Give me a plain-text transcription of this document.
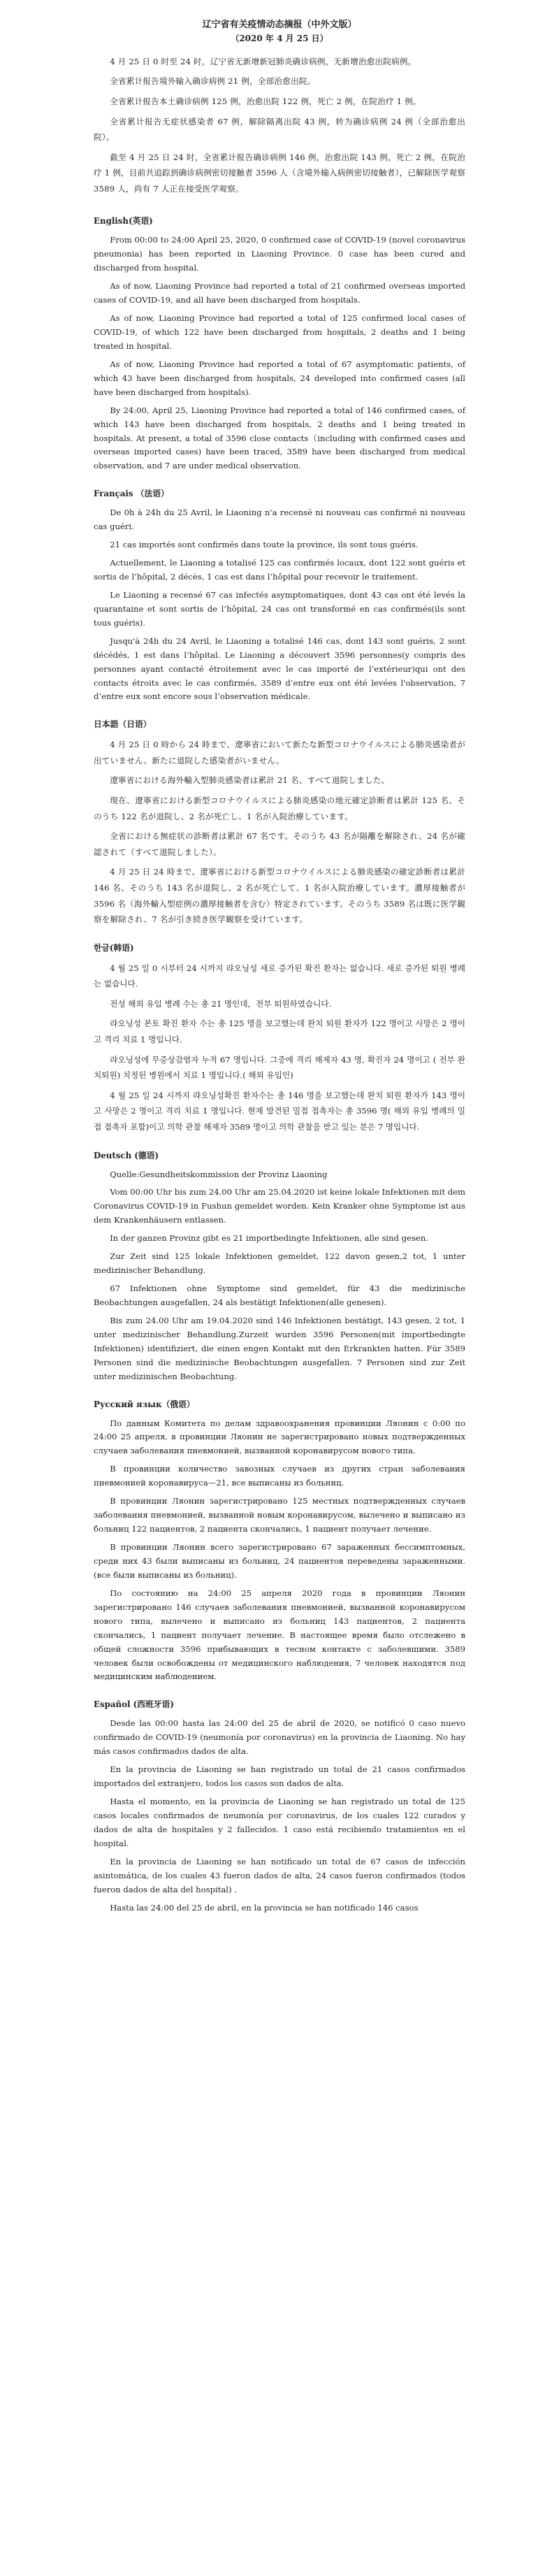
辽宁省有关疫情动态摘报（中外文版）

（2020 年 4 月 25 日）

4 月 25 日 0 时至 24 时，辽宁省无新增新冠肺炎确诊病例，无新增治愈出院病例。

全省累计报告境外输入确诊病例 21 例，全部治愈出院。

全省累计报告本土确诊病例 125 例，治愈出院 122 例，死亡 2 例，在院治疗 1 例。

全省累计报告无症状感染者 67 例，解除隔离出院 43 例，转为确诊病例 24 例（全部治愈出院）。

截至 4 月 25 日 24 时，全省累计报告确诊病例 146 例，治愈出院 143 例，死亡 2 例，在院治疗 1 例，目前共追踪到确诊病例密切接触者 3596 人（含境外输入病例密切接触者），已解除医学观察 3589 人，尚有 7 人正在接受医学观察。

English(英语)

From 00:00 to 24:00 April 25, 2020, 0 confirmed case of COVID-19 (novel coronavirus pneumonia) has been reported in Liaoning Province. 0 case has been cured and discharged from hospital.

As of now, Liaoning Province had reported a total of 21 confirmed overseas imported cases of COVID-19, and all have been discharged from hospitals.

As of now, Liaoning Province had reported a total of 125 confirmed local cases of COVID-19, of which 122 have been discharged from hospitals, 2 deaths and 1 being treated in hospital.

As of now, Liaoning Province had reported a total of 67 asymptomatic patients, of which 43 have been discharged from hospitals, 24 developed into confirmed cases (all have been discharged from hospitals).

By 24:00, April 25, Liaoning Province had reported a total of 146 confirmed cases, of which 143 have been discharged from hospitals, 2 deaths and 1 being treated in hospitals. At present, a total of 3596 close contacts（including with confirmed cases and overseas imported cases) have been traced, 3589 have been discharged from medical observation, and 7 are under medical observation.

Français （法语）

De 0h à 24h du 25 Avril, le Liaoning n'a recensé ni nouveau cas confirmé ni nouveau cas guéri.

21 cas importés sont confirmés dans toute la province, ils sont tous guéris.

Actuellement, le Liaoning a totalisé 125 cas confirmés locaux, dont 122 sont guéris et sortis de l’hôpital, 2 décès, 1 cas est dans l’hôpital pour recevoir le traitement.

Le Liaoning a recensé 67 cas infectés asymptomatiques, dont 43 cas ont été levés la quarantaine et sont sortis de l’hôpital, 24 cas ont transformé en cas confirmés(ils sont tous guéris).

Jusqu'à 24h du 24 Avril, le Liaoning a totalisé 146 cas, dont 143 sont guéris, 2 sont décédés, 1 est dans l’hôpital. Le Liaoning a découvert 3596 personnes(y compris des personnes ayant contacté étroitement avec le cas importé de l’extérieur)qui ont des contacts étroits avec le cas confirmés, 3589 d’entre eux ont été levées l'observation, 7 d’entre eux sont encore sous l’observation médicale.

日本語（日语）

4 月 25 日 0 時から 24 時まで、遼寧省において新たな新型コロナウイルスによる肺炎感染者が出ていません。新たに退院した感染者がいません。

遼寧省における海外輸入型肺炎感染者は累計 21 名、すべて退院しました。

現在、遼寧省における新型コロナウイルスによる肺炎感染の地元確定診断者は累計 125 名、そのうち 122 名が退院し、2 名が死亡し、1 名が入院治療しています。

全省における無症状の診断者は累計 67 名です。そのうち 43 名が隔離を解除され、24 名が確認されて（すべて退院しました）。

4 月 25 日 24 時まで、遼寧省における新型コロナウイルスによる肺炎感染の確定診断者は累計 146 名、そのうち 143 名が退院し、2 名が死亡して、1 名が入院治療しています。濃厚接触者が 3596 名（海外輸入型症例の濃厚接触者を含む）特定されています。そのうち 3589 名は既に医学観察を解除され、7 名が引き続き医学観察を受けています。

한글(韩语)

4 월 25 일 0 시부터 24 시까지 랴오닝성 새로 증가된 확진 환자는 없습니다. 새로 증가된 퇴원 병례는 없습니다.

전성 해외 유입 병례 수는 총 21 명인데，전부 퇴원하였습니다.

랴오닝성 본토 확진 환자 수는 총 125 명을 보고했는데 완치 퇴원 환자가 122 명이고 사망은 2 명이고 격리 치료 1 명입니다.

랴오닝성에 무증상감염자 누적 67 명입니다. 그중에 격리 해제자 43 명, 확진자 24 명이고 ( 전부 완치퇴원) 치정된 병원에서 치료 1 명입니다.( 해외 유입인)

4 월 25 일 24 시까지 랴오닝성확진 환자수는 총 146 명을 보고했는데 완치 퇴원 환자가 143 명이고 사망은 2 명이고 격리 치료 1 명입니다. 현재 발견된 밀접 접촉자는 총 3596 명( 해외 유입 병례의 밀접 접촉자 포함)이고 의학 관찰 해제자 3589 명이고 의학 관찰을 받고 있는 분은 7 명입니다.

Deutsch (德语)

Quelle:Gesundheitskommission der Provinz Liaoning

Vom 00:00 Uhr bis zum 24.00 Uhr am 25.04.2020 ist keine lokale Infektionen mit dem Coronavirus COVID-19 in Fushun gemeldet worden. Kein Kranker ohne Symptome ist aus dem Krankenhäusern entlassen.

In der ganzen Provinz gibt es 21 importbedingte Infektionen, alle sind gesen.

Zur Zeit sind 125 lokale Infektionen gemeldet, 122 davon gesen,2 tot, 1 unter medizinischer Behandlung.

67 Infektionen ohne Symptome sind gemeldet, für 43 die medizinische Beobachtungen ausgefallen, 24 als bestätigt Infektionen(alle genesen).

Bis zum 24.00 Uhr am 19.04.2020 sind 146 Infektionen bestätigt, 143 gesen, 2 tot, 1 unter medizinischer Behandlung.Zurzeit wurden 3596 Personen(mit importbedingte Infektionen) identifiziert, die einen engen Kontakt mit den Erkrankten hatten. Für 3589 Personen sind die medizinische Beobachtungen ausgefallen. 7 Personen sind zur Zeit unter medizinischen Beobachtung.

Русский язык（俄语）

По данным Комитета по делам здравоохранения провинции Ляонин с 0:00 по 24:00 25 апреля, в провинции Ляонин не зарегистрировано новых подтвержденных случаев заболевания пневмонией, вызванной коронавирусом нового типа.

В провинции количество завозных случаев из других стран заболевания пневмонией коронавируса—21, все выписаны из больниц.

В провинции Ляонин зарегистрировано 125 местных подтвержденных случаев заболевания пневмонией, вызванной новым коронавирусом, вылечено и выписано из больниц 122 пациентов, 2 пациента скончались, 1 пациент получает лечение.

В провинции Ляонин всего зарегистрировано 67 зараженных бессимптомных, среди них 43 были выписаны из больниц, 24 пациентов переведены зараженными.(все были выписаны из больниц).

По состоянию на 24:00 25 апреля 2020 года в провинции Ляонин зарегистрировано 146 случаев заболевания пневмонией, вызванной коронавирусом нового типа, вылечено и выписано из больниц 143 пациентов, 2 пациента скончались, 1 пациент получает лечение. В настоящее время было отслежено в общей сложности 3596 прибывающих в тесном контакте с заболевшими. 3589 человек были освобождены от медицинского наблюдения, 7 человек находятся под медицинским наблюдением.

Español (西班牙语)

Desde las 00:00 hasta las 24:00 del 25 de abril de 2020, se notificó 0 caso nuevo confirmado de COVID-19 (neumonía por coronavirus) en la provincia de Liaoning. No hay más casos confirmados dados de alta.

En la provincia de Liaoning se han registrado un total de 21 casos confirmados importados del extranjero, todos los casos son dados de alta.

Hasta el momento, en la provincia de Liaoning se han registrado un total de 125 casos locales confirmados de neumonía por coronavirus, de los cuales 122 curados y dados de alta de hospitales y 2 fallecidos. 1 caso está recibiendo tratamientos en el hospital.

En la provincia de Liaoning se han notificado un total de 67 casos de infección asintomática, de los cuales 43 fueron dados de alta, 24 casos fueron confirmados (todos fueron dados de alta del hospital) .

Hasta las 24:00 del 25 de abril, en la provincia se han notificado 146 casos
